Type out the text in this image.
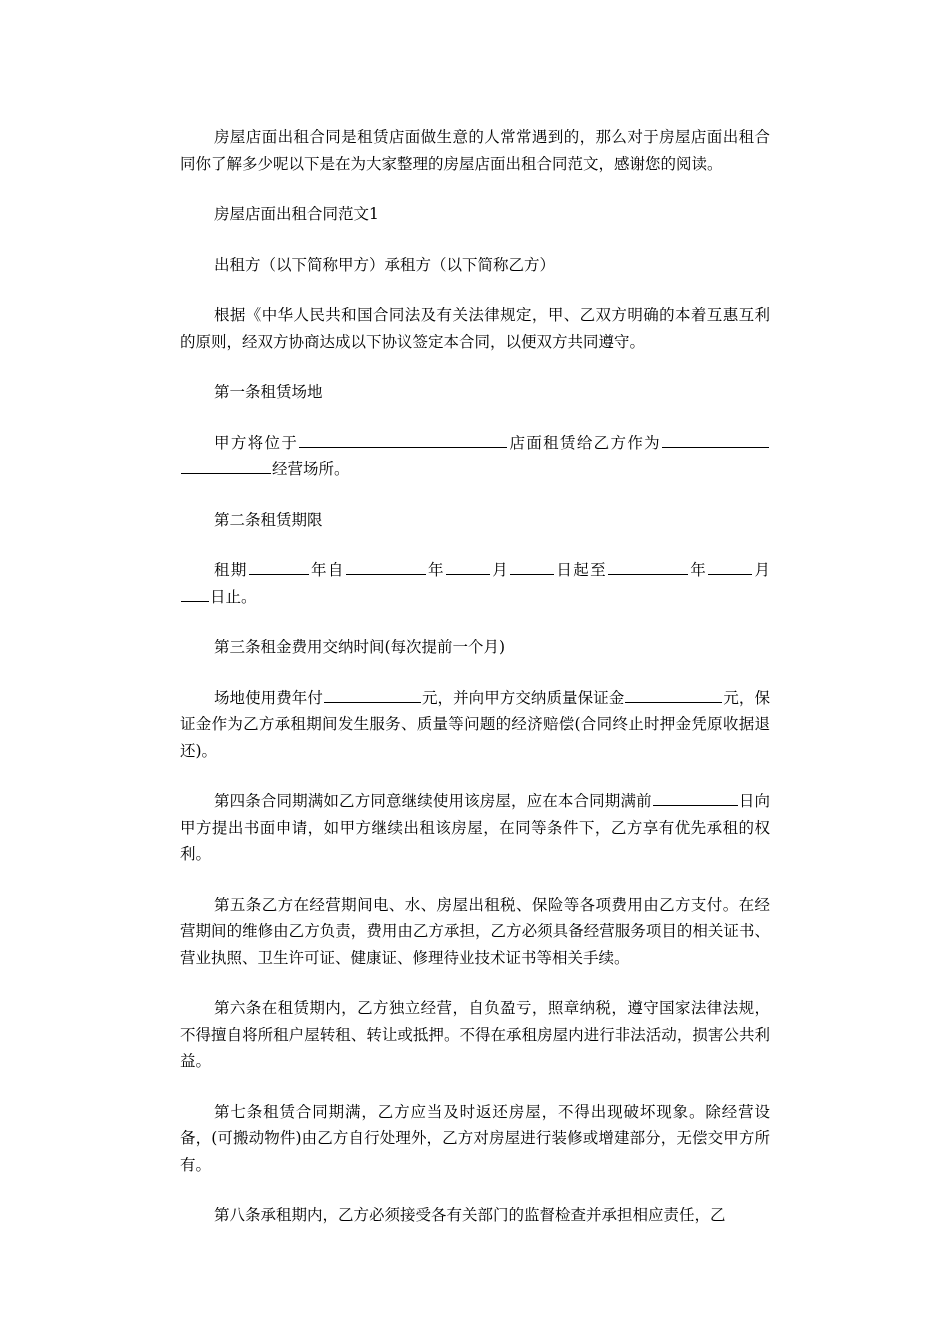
房屋店面出租合同是租赁店面做生意的人常常遇到的，那么对于房屋店面出租合同你了解多少呢以下是在为大家整理的房屋店面出租合同范文，感谢您的阅读。

房屋店面出租合同范文1

出租方（以下简称甲方）承租方（以下简称乙方）

根据《中华人民共和国合同法及有关法律规定，甲、乙双方明确的本着互惠互利的原则，经双方协商达成以下协议签定本合同，以便双方共同遵守。

第一条租赁场地

甲方将位于	店面租赁给乙方作为经营场所。

第二条租赁期限

租期	年自	年	月	日起至	年	月日止。

第三条租金费用交纳时间(每次提前一个月)

场地使用费年付	元，并向甲方交纳质量保证金	元，保证金作为乙方承租期间发生服务、质量等问题的经济赔偿(合同终止时押金凭原收据退还)。

第四条合同期满如乙方同意继续使用该房屋，应在本合同期满前	日向甲方提出书面申请，如甲方继续出租该房屋，在同等条件下，乙方享有优先承租的权利。

第五条乙方在经营期间电、水、房屋出租税、保险等各项费用由乙方支付。在经营期间的维修由乙方负责，费用由乙方承担，乙方必须具备经营服务项目的相关证书、营业执照、卫生许可证、健康证、修理待业技术证书等相关手续。

第六条在租赁期内，乙方独立经营，自负盈亏，照章纳税，遵守国家法律法规，不得擅自将所租户屋转租、转让或抵押。不得在承租房屋内进行非法活动，损害公共利益。

第七条租赁合同期满，乙方应当及时返还房屋，不得出现破坏现象。除经营设备，(可搬动物件)由乙方自行处理外，乙方对房屋进行装修或增建部分，无偿交甲方所有。

第八条承租期内，乙方必须接受各有关部门的监督检查并承担相应责任，乙
